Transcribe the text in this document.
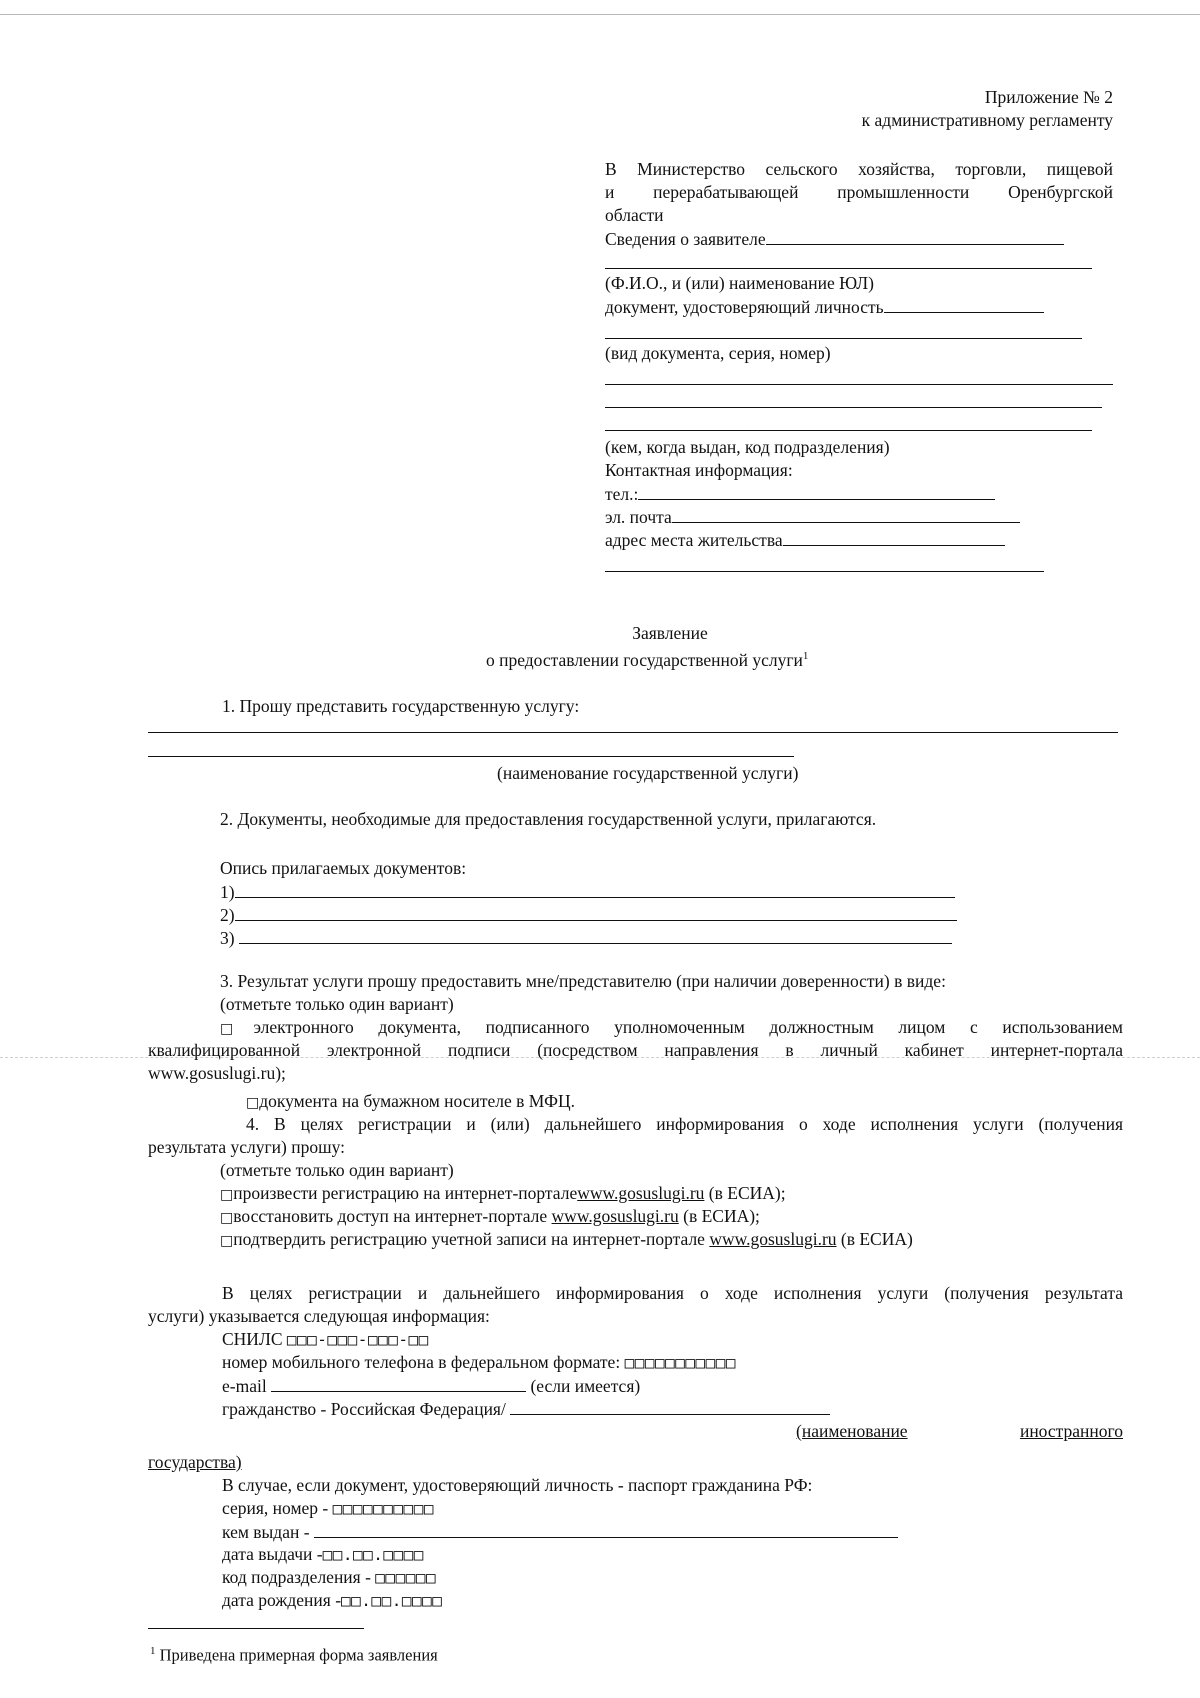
Приложение № 2
к административному регламенту
В Министерство сельского хозяйства, торговли, пищевой
и перерабатывающей промышленности Оренбургской
области
Сведения о заявителе
(Ф.И.О., и (или) наименование ЮЛ)
документ, удостоверяющий личность
(вид документа, серия, номер)
(кем, когда выдан, код подразделения)
Контактная информация:
тел.:
эл. почта
адрес места жительства
Заявление
о предоставлении государственной услуги$^1$
1. Прошу представить государственную услугу:
(наименование государственной услуги)
2. Документы, необходимые для предоставления государственной услуги, прилагаются.
Опись прилагаемых документов:
1)
2)
3)
3. Результат услуги прошу предоставить мне/представителю (при наличии доверенности) в виде:
(отметьте только один вариант)
□электронного документа, подписанного уполномоченным должностным лицом с использованием
квалифицированной электронной подписи (посредством направления в личный кабинет интернет-портала
www.gosuslugi.ru);
□документа на бумажном носителе в МФЦ.
4. В целях регистрации и (или) дальнейшего информирования о ходе исполнения услуги (получения
результата услуги) прошу:
(отметьте только один вариант)
□произвести регистрацию на интернет-порталеwww.gosuslugi.ru (в ЕСИА);
□восстановить доступ на интернет-портале www.gosuslugi.ru (в ЕСИА);
□подтвердить регистрацию учетной записи на интернет-портале www.gosuslugi.ru (в ЕСИА)
В целях регистрации и дальнейшего информирования о ходе исполнения услуги (получения результата
услуги) указывается следующая информация:
СНИЛС □□□-□□□-□□□-□□
номер мобильного телефона в федеральном формате: □□□□□□□□□□□
e-mail	(если имеется)
гражданство - Российская Федерация/
(наименование	иностранного
государства)
В случае, если документ, удостоверяющий личность - паспорт гражданина РФ:
серия, номер - □□□□□□□□□□
кем выдан -
дата выдачи -□□.□□.□□□□
код подразделения - □□□□□□
дата рождения -□□.□□.□□□□
$^1$ Приведена примерная форма заявления
